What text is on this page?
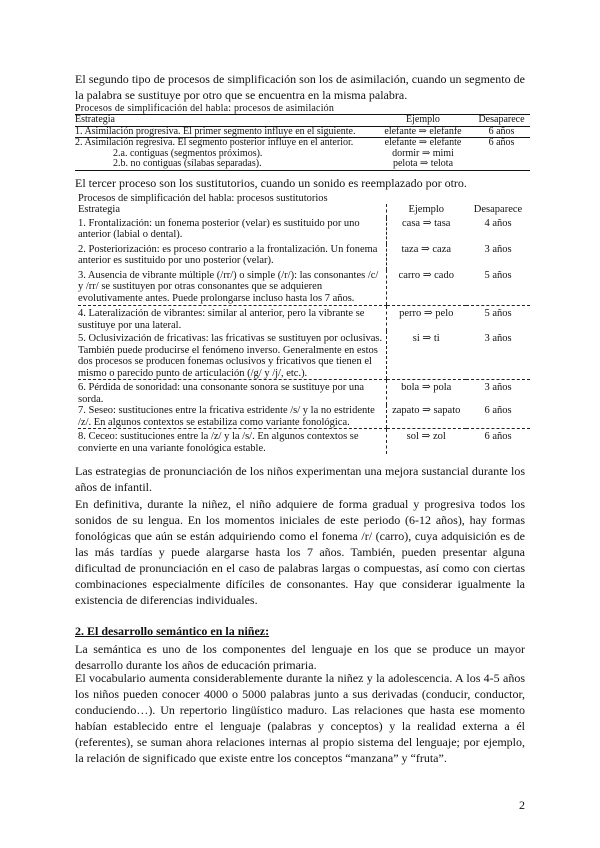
El segundo tipo de procesos de simplificación son los de asimilación, cuando un segmento de la palabra se sustituye por otro que se encuentra en la misma palabra.

Procesos de simplificación del habla: procesos de asimilación
Estrategia	Ejemplo	Desaparece
1. Asimilación progresiva. El primer segmento influye en el siguiente.	elefante ⇒ elefanfe	6 años
2. Asimilación regresiva. El segmento posterior influye en el anterior.	elefante ⇒ elefante	6 años
2.a. contiguas (segmentos próximos).	dormir ⇒ mimi	
2.b. no contiguas (sílabas separadas).	pelota ⇒ telota	

El tercer proceso son los sustitutorios, cuando un sonido es reemplazado por otro.

Procesos de simplificación del habla: procesos sustitutorios
Estrategia	Ejemplo	Desaparece
1. Frontalización: un fonema posterior (velar) es sustituido por uno anterior (labial o dental).	casa ⇒ tasa	4 años
2. Posteriorización: es proceso contrario a la frontalización. Un fonema anterior es sustituido por uno posterior (velar).	taza ⇒ caza	3 años
3. Ausencia de vibrante múltiple (/rr/) o simple (/r/): las consonantes /c/ y /rr/ se sustituyen por otras consonantes que se adquieren evolutivamente antes. Puede prolongarse incluso hasta los 7 años.	carro ⇒ cado	5 años
4. Lateralización de vibrantes: similar al anterior, pero la vibrante se sustituye por una lateral.	perro ⇒ pelo	5 años
5. Oclusivización de fricativas: las fricativas se sustituyen por oclusivas. También puede producirse el fenómeno inverso. Generalmente en estos dos procesos se producen fonemas oclusivos y fricativos que tienen el mismo o parecido punto de articulación (/g/ y /j/, etc.).	si ⇒ ti	3 años
6. Pérdida de sonoridad: una consonante sonora se sustituye por una sorda.	bola ⇒ pola	3 años
7. Seseo: sustituciones entre la fricativa estridente /s/ y la no estridente /z/. En algunos contextos se estabiliza como variante fonológica.	zapato ⇒ sapato	6 años
8. Ceceo: sustituciones entre la /z/ y la /s/. En algunos contextos se convierte en una variante fonológica estable.	sol ⇒ zol	6 años

Las estrategias de pronunciación de los niños experimentan una mejora sustancial durante los años de infantil.

En definitiva, durante la niñez, el niño adquiere de forma gradual y progresiva todos los sonidos de su lengua. En los momentos iniciales de este periodo (6-12 años), hay formas fonológicas que aún se están adquiriendo como el fonema /r/ (carro), cuya adquisición es de las más tardías y puede alargarse hasta los 7 años. También, pueden presentar alguna dificultad de pronunciación en el caso de palabras largas o compuestas, así como con ciertas combinaciones especialmente difíciles de consonantes. Hay que considerar igualmente la existencia de diferencias individuales.

2. El desarrollo semántico en la niñez:

La semántica es uno de los componentes del lenguaje en los que se produce un mayor desarrollo durante los años de educación primaria.

El vocabulario aumenta considerablemente durante la niñez y la adolescencia. A los 4-5 años los niños pueden conocer 4000 o 5000 palabras junto a sus derivadas (conducir, conductor, conduciendo…). Un repertorio lingüístico maduro. Las relaciones que hasta ese momento habían establecido entre el lenguaje (palabras y conceptos) y la realidad externa a él (referentes), se suman ahora relaciones internas al propio sistema del lenguaje; por ejemplo, la relación de significado que existe entre los conceptos “manzana” y “fruta”.

2
